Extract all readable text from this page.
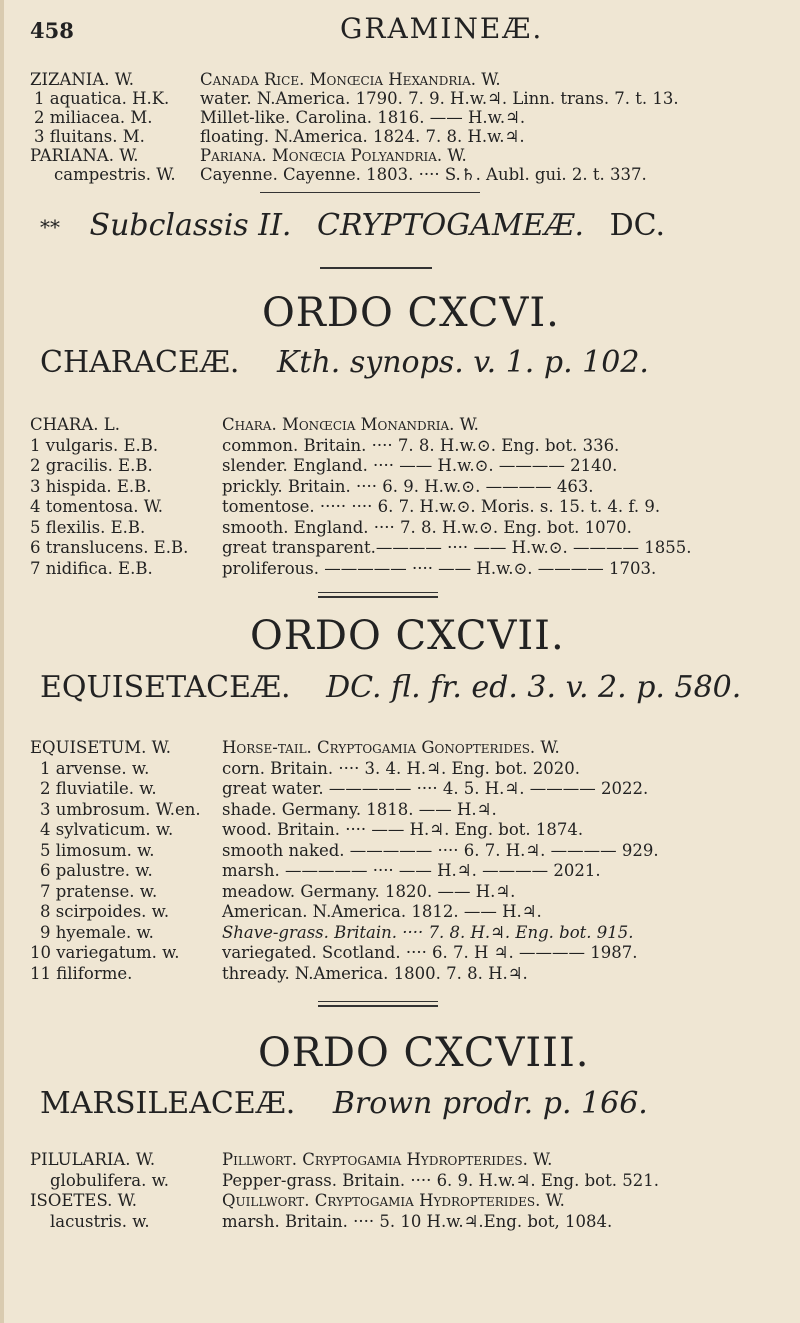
458	GRAMINEÆ.
ZIZANIA. W.
1 aquatica. H.K.
2 miliacea. M.
3 fluitans. M.
PARIANA. W.
campestris. W.
Canada Rice. Monœcia Hexandria. W.
water. N.America. 1790. 7. 9. H.w.♃. Linn. trans. 7. t. 13.
Millet-like. Carolina. 1816. —— H.w.♃.
floating. N.America. 1824. 7. 8. H.w.♃.
Pariana. Monœcia Polyandria. W.
Cayenne. Cayenne. 1803. ···· S.♄. Aubl. gui. 2. t. 337.
** Subclassis II. CRYPTOGAMEÆ. DC.
ORDO CXCVI.
CHARACEÆ. Kth. synops. v. 1. p. 102.
CHARA. L.
1 vulgaris. E.B.
2 gracilis. E.B.
3 hispida. E.B.
4 tomentosa. W.
5 flexilis. E.B.
6 translucens. E.B.
7 nidifica. E.B.
Chara. Monœcia Monandria. W.
common. Britain. ···· 7. 8. H.w.⊙. Eng. bot. 336.
slender. England. ···· —— H.w.⊙. ———— 2140.
prickly. Britain. ···· 6. 9. H.w.⊙. ———— 463.
tomentose. ····· ···· 6. 7. H.w.⊙. Moris. s. 15. t. 4. f. 9.
smooth. England. ···· 7. 8. H.w.⊙. Eng. bot. 1070.
great transparent.———— ···· —— H.w.⊙. ———— 1855.
proliferous. ————— ···· —— H.w.⊙. ———— 1703.
ORDO CXCVII.
EQUISETACEÆ. DC. fl. fr. ed. 3. v. 2. p. 580.
EQUISETUM. W.
1 arvense. w.
2 fluviatile. w.
3 umbrosum. W.en.
4 sylvaticum. w.
5 limosum. w.
6 palustre. w.
7 pratense. w.
8 scirpoides. w.
9 hyemale. w.
10 variegatum. w.
11 filiforme.
Horse-tail. Cryptogamia Gonopterides. W.
corn. Britain. ···· 3. 4. H.♃. Eng. bot. 2020.
great water. ————— ···· 4. 5. H.♃. ———— 2022.
shade. Germany. 1818. —— H.♃.
wood. Britain. ···· —— H.♃. Eng. bot. 1874.
smooth naked. ————— ···· 6. 7. H.♃. ———— 929.
marsh. ————— ···· —— H.♃. ———— 2021.
meadow. Germany. 1820. —— H.♃.
American. N.America. 1812. —— H.♃.
Shave-grass. Britain. ···· 7. 8. H.♃. Eng. bot. 915.
variegated. Scotland. ···· 6. 7. H ♃. ———— 1987.
thready. N.America. 1800. 7. 8. H.♃.
ORDO CXCVIII.
MARSILEACEÆ. Brown prodr. p. 166.
PILULARIA. W.
globulifera. w.
ISOETES. W.
lacustris. w.
Pillwort. Cryptogamia Hydropterides. W.
Pepper-grass. Britain. ···· 6. 9. H.w.♃. Eng. bot. 521.
Quillwort. Cryptogamia Hydropterides. W.
marsh. Britain. ···· 5. 10 H.w.♃.Eng. bot, 1084.
